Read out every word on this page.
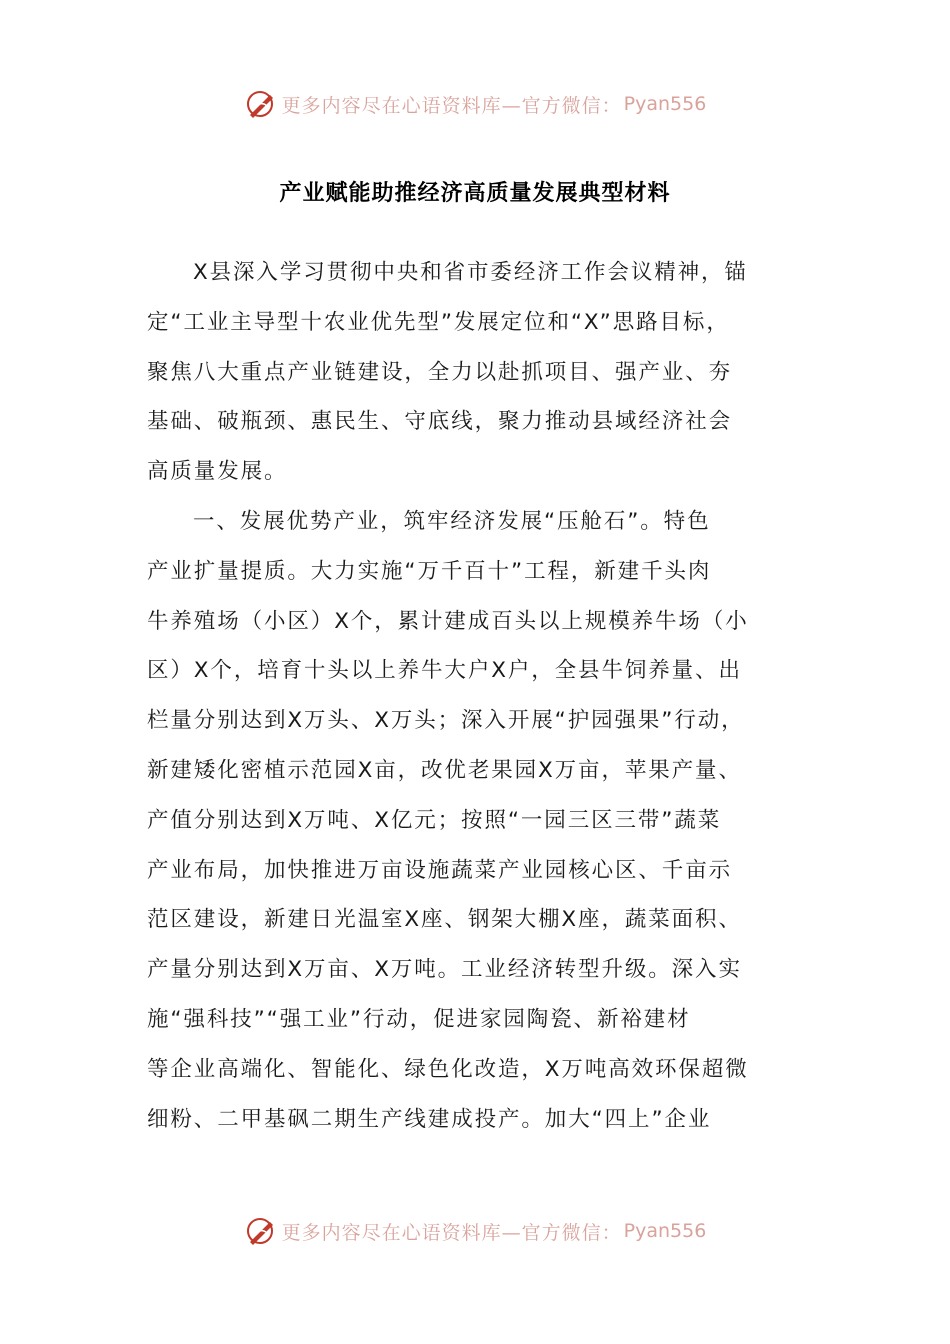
更多内容尽在心语资料库—官方微信： Pyan556
产业赋能助推经济高质量发展典型材料
X县深入学习贯彻中央和省市委经济工作会议精神，锚
定“工业主导型十农业优先型”发展定位和“X”思路目标，
聚焦八大重点产业链建设，全力以赴抓项目、强产业、夯
基础、破瓶颈、惠民生、守底线，聚力推动县域经济社会
高质量发展。
一、发展优势产业，筑牢经济发展“压舱石”。特色
产业扩量提质。大力实施“万千百十”工程，新建千头肉
牛养殖场（小区）X个，累计建成百头以上规模养牛场（小
区）X个，培育十头以上养牛大户X户，全县牛饲养量、出
栏量分别达到X万头、X万头；深入开展“护园强果”行动，
新建矮化密植示范园X亩，改优老果园X万亩，苹果产量、
产值分别达到X万吨、X亿元；按照“一园三区三带”蔬菜
产业布局，加快推进万亩设施蔬菜产业园核心区、千亩示
范区建设，新建日光温室X座、钢架大棚X座，蔬菜面积、
产量分别达到X万亩、X万吨。工业经济转型升级。深入实
施“强科技”“强工业”行动，促进家园陶瓷、新裕建材
等企业高端化、智能化、绿色化改造，X万吨高效环保超微
细粉、二甲基砜二期生产线建成投产。加大“四上”企业
更多内容尽在心语资料库—官方微信： Pyan556
